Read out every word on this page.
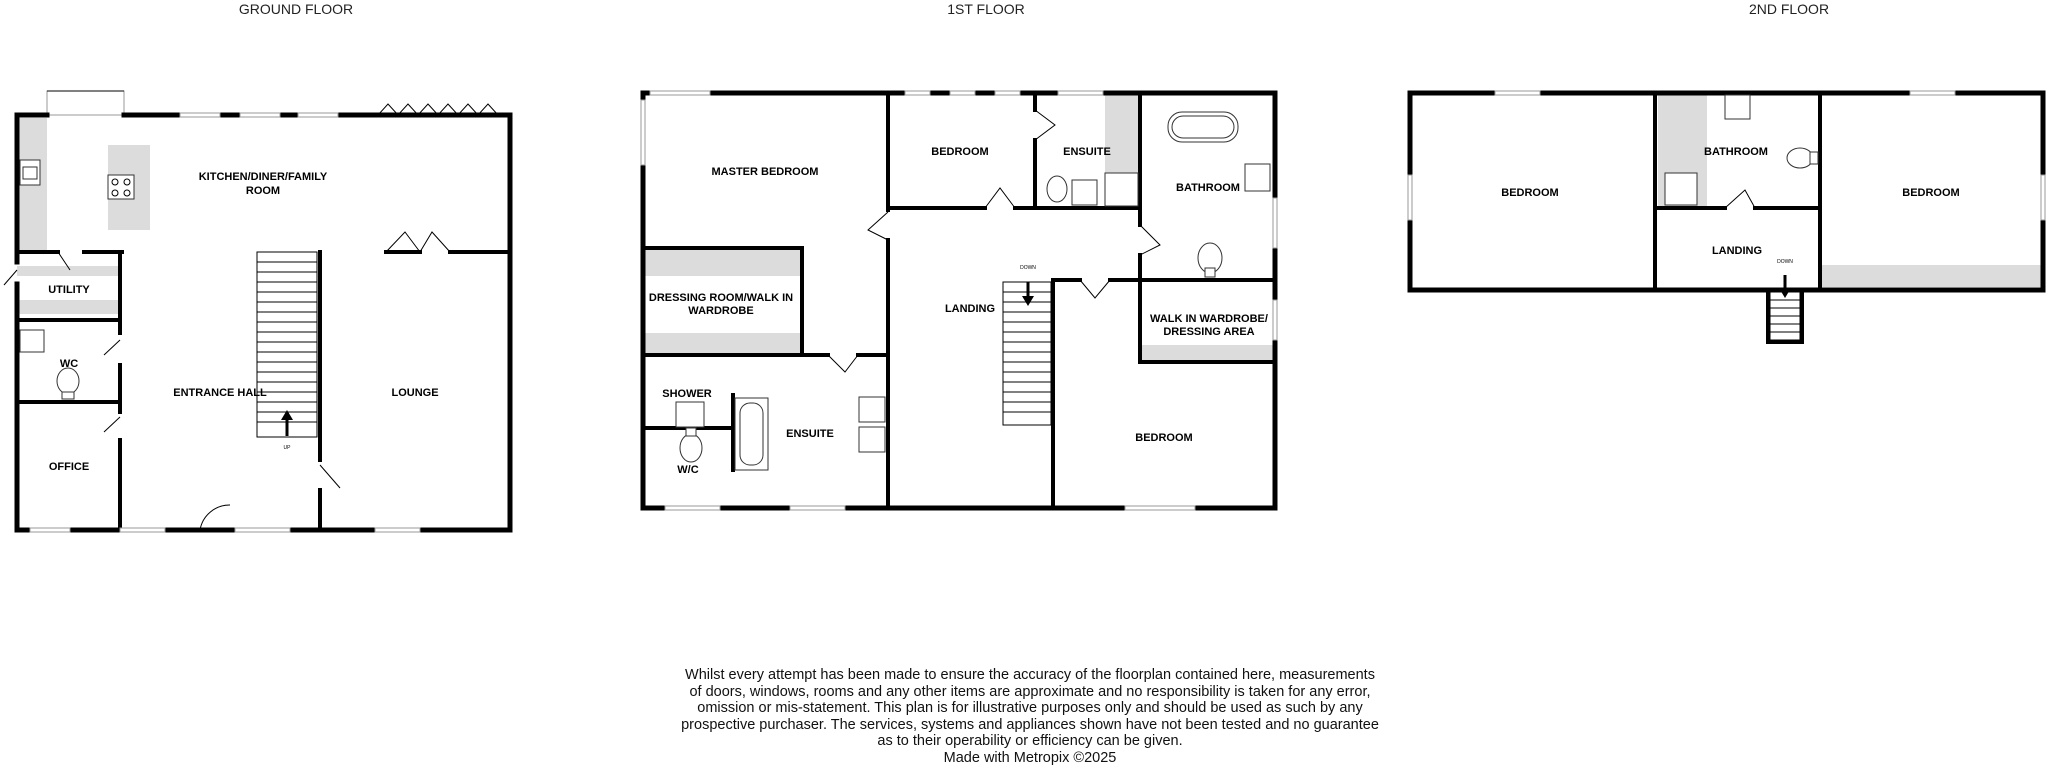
GROUND FLOOR
UP
KITCHEN/DINER/FAMILY
ROOM
UTILITY
WC
OFFICE
ENTRANCE HALL	LOUNGE
1ST FLOOR
DOWN
MASTER BEDROOM
BEDROOM	ENSUITE
BATHROOM
DRESSING ROOM/WALK IN
WARDROBE	LANDING
WALK IN WARDROBE/
DRESSING AREA
SHOWER
W/C
ENSUITE	BEDROOM
2ND FLOOR
DOWN
BEDROOM
BATHROOM
LANDING
BEDROOM
Whilst every attempt has been made to ensure the accuracy of the floorplan contained here, measurements
of doors, windows, rooms and any other items are approximate and no responsibility is taken for any error,
omission or mis-statement. This plan is for illustrative purposes only and should be used as such by any
prospective purchaser. The services, systems and appliances shown have not been tested and no guarantee
as to their operability or efficiency can be given.
Made with Metropix ©2025
